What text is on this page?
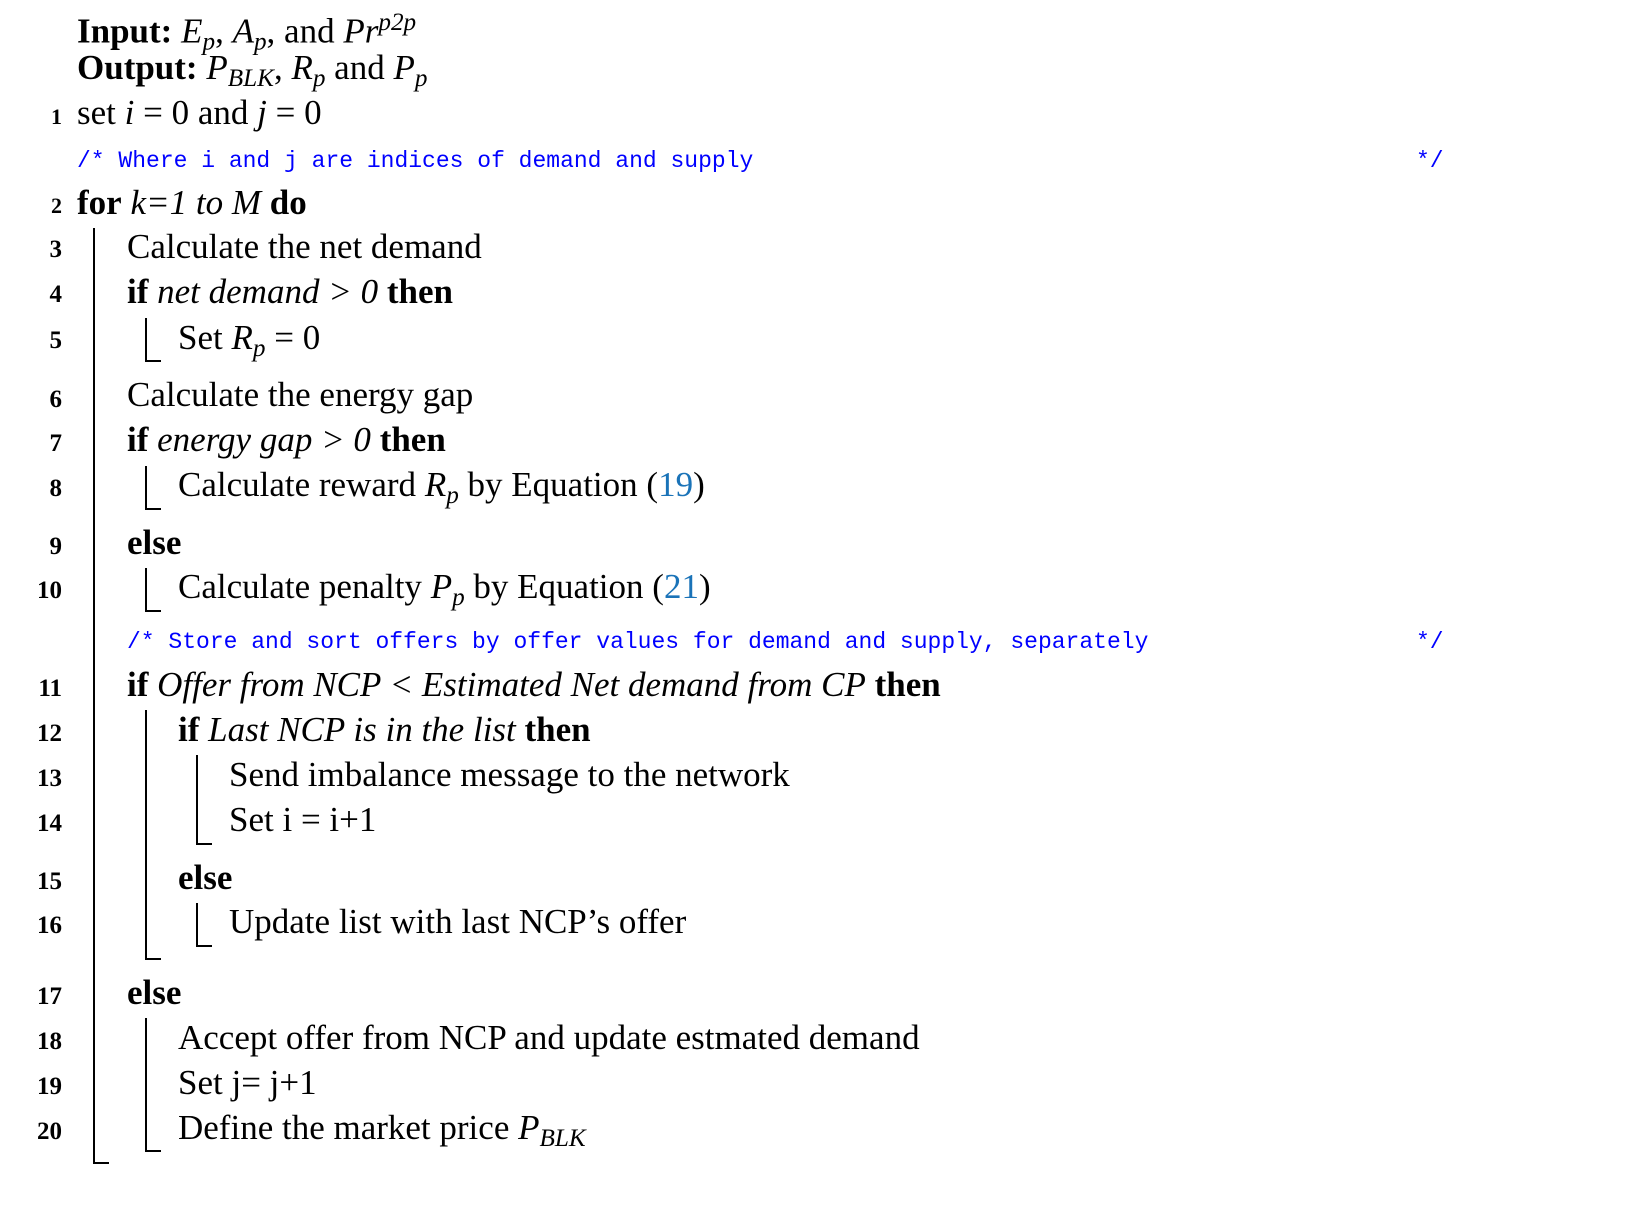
Input: $E_p$, $A_p$, and $Pr^{p2p}$
Output: $P_{BLK}$, $R_p$ and $P_p$
1 set i = 0 and j = 0
/* Where i and j are indices of demand and supply	*/
2 for k=1 to M do
3 Calculate the net demand
4 if net demand > 0 then
5	Set $R_p = 0$
6 Calculate the energy gap
7 if energy gap > 0 then
8	Calculate reward $R_p$ by Equation (19)
9 else
10	Calculate penalty $P_p$ by Equation (21)
/* Store and sort offers by offer values for demand and supply, separately	*/
11 if Offer from NCP < Estimated Net demand from CP then
12	if Last NCP is in the list then
13	Send imbalance message to the network
14	Set i = i+1
15	else
16	Update list with last NCP’s offer
17 else
18	Accept offer from NCP and update estmated demand
19	Set j= j+1
20	Define the market price $P_{BLK}$
